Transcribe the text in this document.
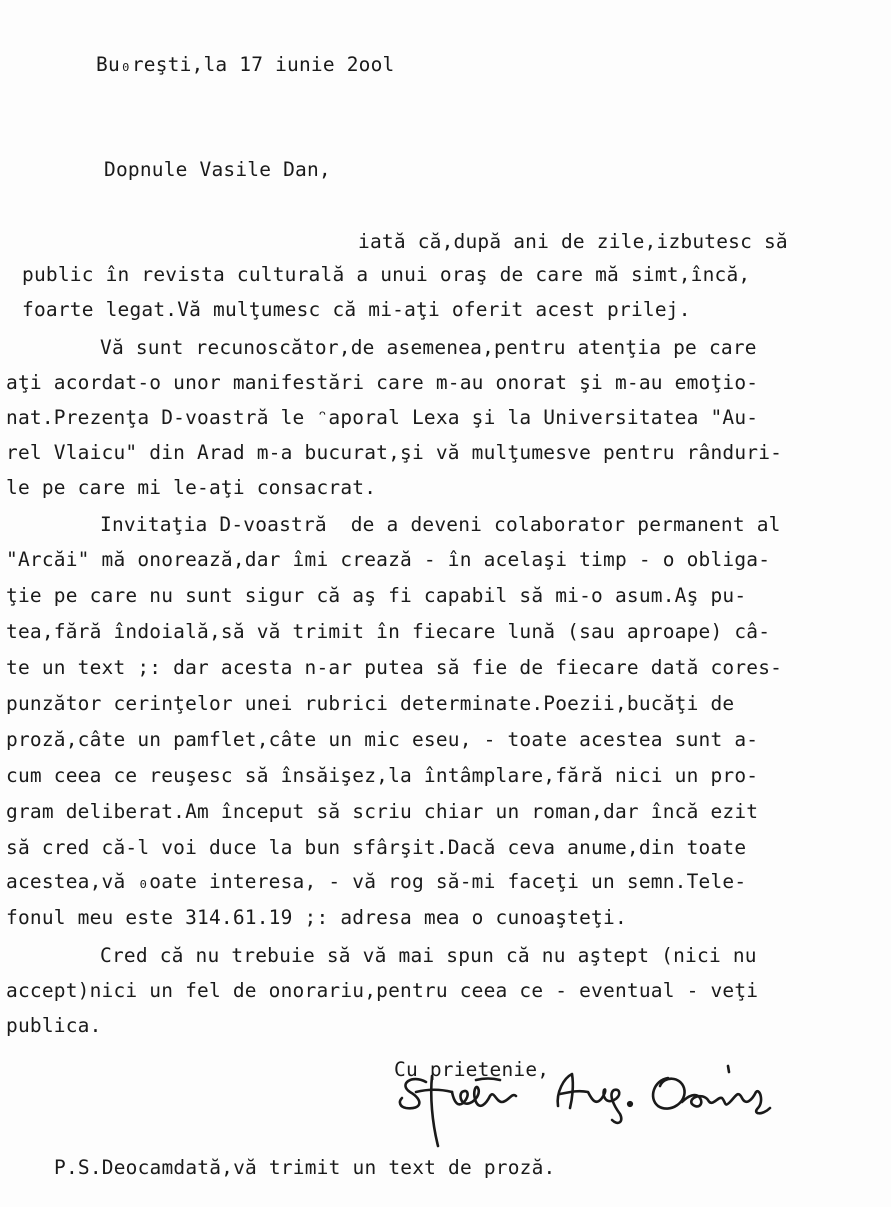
Bu₀reşti,la 17 iunie 2ool

Dopnule Vasile Dan,

iată că,după ani de zile,izbutesc să

public în revista culturală a unui oraş de care mă simt,încă,

foarte legat.Vă mulţumesc că mi-aţi oferit acest prilej.

Vă sunt recunoscător,de asemenea,pentru atenţia pe care

aţi acordat-o unor manifestări care m-au onorat şi m-au emoţio-

nat.Prezenţa D-voastră le ᵔaporal Lexa şi la Universitatea "Au-

rel Vlaicu" din Arad m-a bucurat,şi vă mulţumesve pentru rânduri-

le pe care mi le-aţi consacrat.

Invitaţia D-voastră  de a deveni colaborator permanent al

"Arcăi" mă onorează,dar îmi crează - în acelaşi timp - o obliga-

ţie pe care nu sunt sigur că aş fi capabil să mi-o asum.Aş pu-

tea,fără îndoială,să vă trimit în fiecare lună (sau aproape) câ-

te un text ;: dar acesta n-ar putea să fie de fiecare dată cores-

punzător cerinţelor unei rubrici determinate.Poezii,bucăţi de

proză,câte un pamflet,câte un mic eseu, - toate acestea sunt a-

cum ceea ce reuşesc să însăişez,la întâmplare,fără nici un pro-

gram deliberat.Am început să scriu chiar un roman,dar încă ezit

să cred că-l voi duce la bun sfârşit.Dacă ceva anume,din toate

acestea,vă ₀oate interesa, - vă rog să-mi faceţi un semn.Tele-

fonul meu este 314.61.19 ;: adresa mea o cunoaşteţi.

Cred că nu trebuie să vă mai spun că nu aştept (nici nu

accept)nici un fel de onorariu,pentru ceea ce - eventual - veţi

publica.

Cu prietenie,

P.S.Deocamdată,vă trimit un text de proză.
